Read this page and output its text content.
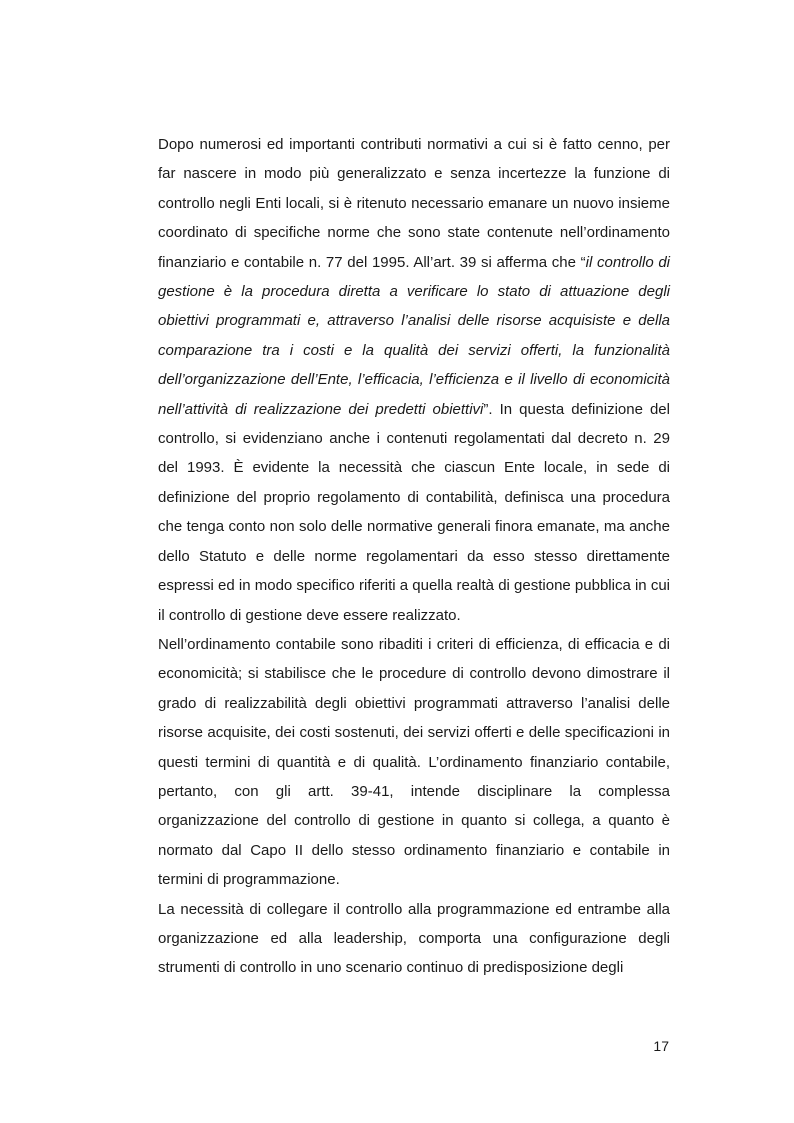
Dopo numerosi ed importanti contributi normativi a cui si è fatto cenno, per far nascere in modo più generalizzato e senza incertezze la funzione di controllo negli Enti locali, si è ritenuto necessario emanare un nuovo insieme coordinato di specifiche norme che sono state contenute nell’ordinamento finanziario e contabile n. 77 del 1995. All’art. 39 si afferma che “il controllo di gestione è la procedura diretta a verificare lo stato di attuazione degli obiettivi programmati e, attraverso l’analisi delle risorse acquisiste e della comparazione tra i costi e la qualità dei servizi offerti, la funzionalità dell’organizzazione dell’Ente, l’efficacia, l’efficienza e il livello di economicità nell’attività di realizzazione dei predetti obiettivi”. In questa definizione del controllo, si evidenziano anche i contenuti regolamentati dal decreto n. 29 del 1993. È evidente la necessità che ciascun Ente locale, in sede di definizione del proprio regolamento di contabilità, definisca una procedura che tenga conto non solo delle normative generali finora emanate, ma anche dello Statuto e delle norme regolamentari da esso stesso direttamente espressi ed in modo specifico riferiti a quella realtà di gestione pubblica in cui il controllo di gestione deve essere realizzato.

Nell’ordinamento contabile sono ribaditi i criteri di efficienza, di efficacia e di economicità; si stabilisce che le procedure di controllo devono dimostrare il grado di realizzabilità degli obiettivi programmati attraverso l’analisi delle risorse acquisite, dei costi sostenuti, dei servizi offerti e delle specificazioni in questi termini di quantità e di qualità. L’ordinamento finanziario contabile, pertanto, con gli artt. 39-41, intende disciplinare la complessa organizzazione del controllo di gestione in quanto si collega, a quanto è normato dal Capo II dello stesso ordinamento finanziario e contabile in termini di programmazione.

La necessità di collegare il controllo alla programmazione ed entrambe alla organizzazione ed alla leadership, comporta una configurazione degli strumenti di controllo in uno scenario continuo di predisposizione degli

17
